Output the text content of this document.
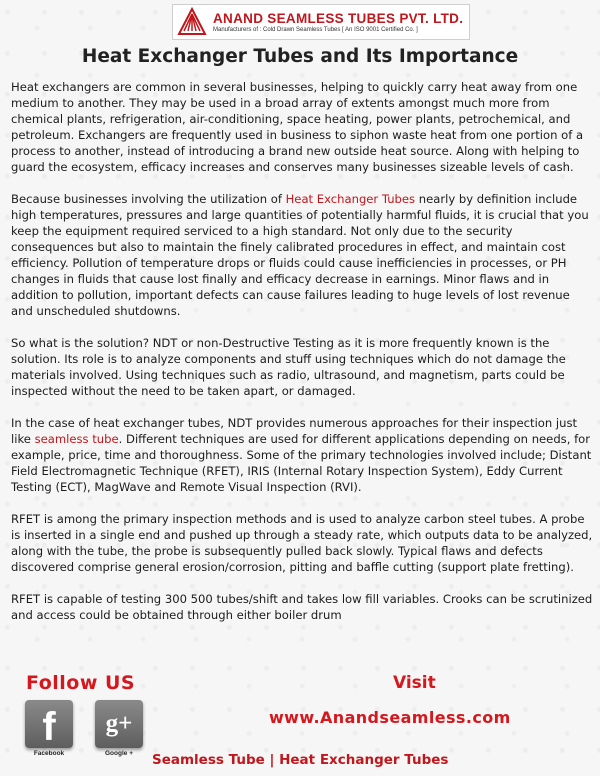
ANAND SEAMLESS TUBES PVT. LTD.
Manufacturers of : Cold Drawn Seamless Tubes [ An ISO 9001 Certified Co. ]
Heat Exchanger Tubes and Its Importance

Heat exchangers are common in several businesses, helping to quickly carry heat away from one medium to another. They may be used in a broad array of extents amongst much more from chemical plants, refrigeration, air-conditioning, space heating, power plants, petrochemical, and petroleum. Exchangers are frequently used in business to siphon waste heat from one portion of a process to another, instead of introducing a brand new outside heat source. Along with helping to guard the ecosystem, efficacy increases and conserves many businesses sizeable levels of cash.

Because businesses involving the utilization of Heat Exchanger Tubes nearly by definition include high temperatures, pressures and large quantities of potentially harmful fluids, it is crucial that you keep the equipment required serviced to a high standard. Not only due to the security consequences but also to maintain the finely calibrated procedures in effect, and maintain cost efficiency. Pollution of temperature drops or fluids could cause inefficiencies in processes, or PH changes in fluids that cause lost finally and efficacy decrease in earnings. Minor flaws and in addition to pollution, important defects can cause failures leading to huge levels of lost revenue and unscheduled shutdowns.

So what is the solution? NDT or non-Destructive Testing as it is more frequently known is the solution. Its role is to analyze components and stuff using techniques which do not damage the materials involved. Using techniques such as radio, ultrasound, and magnetism, parts could be inspected without the need to be taken apart, or damaged.

In the case of heat exchanger tubes, NDT provides numerous approaches for their inspection just like seamless tube. Different techniques are used for different applications depending on needs, for example, price, time and thoroughness. Some of the primary technologies involved include; Distant Field Electromagnetic Technique (RFET), IRIS (Internal Rotary Inspection System), Eddy Current Testing (ECT), MagWave and Remote Visual Inspection (RVI).

RFET is among the primary inspection methods and is used to analyze carbon steel tubes. A probe is inserted in a single end and pushed up through a steady rate, which outputs data to be analyzed, along with the tube, the probe is subsequently pulled back slowly. Typical flaws and defects discovered comprise general erosion/corrosion, pitting and baffle cutting (support plate fretting).

RFET is capable of testing 300 500 tubes/shift and takes low fill variables. Crooks can be scrutinized and access could be obtained through either boiler drum

Follow US	Visit
f
Facebook
g+
Google +
www.Anandseamless.com
Seamless Tube | Heat Exchanger Tubes
